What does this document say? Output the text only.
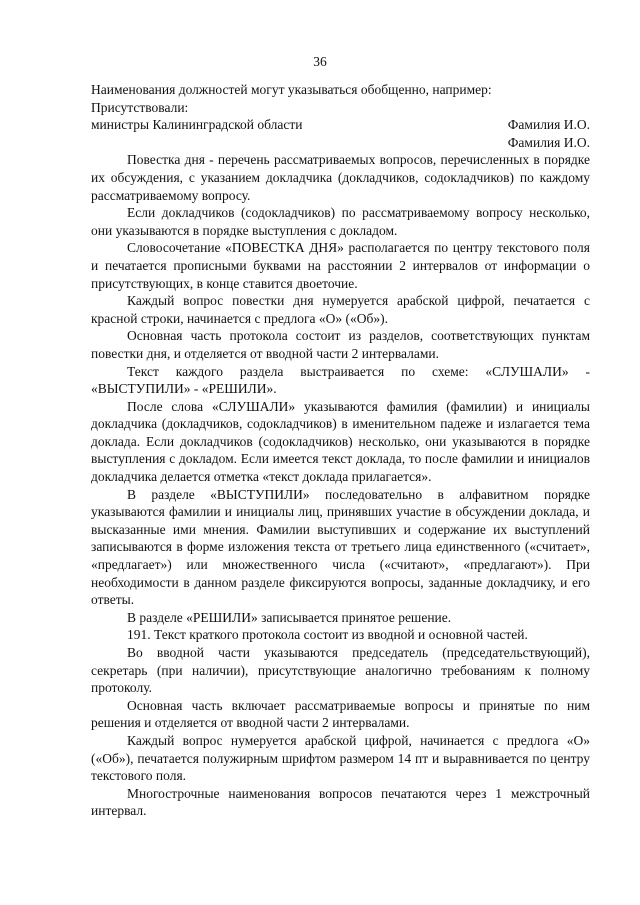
36

Наименования должностей могут указываться обобщенно, например:

Присутствовали:

министры Калининградской области	Фамилия И.О.

Фамилия И.О.

Повестка дня - перечень рассматриваемых вопросов, перечисленных в порядке их обсуждения, с указанием докладчика (докладчиков, содокладчиков) по каждому рассматриваемому вопросу.

Если докладчиков (содокладчиков) по рассматриваемому вопросу несколько, они указываются в порядке выступления с докладом.

Словосочетание «ПОВЕСТКА ДНЯ» располагается по центру текстового поля и печатается прописными буквами на расстоянии 2 интервалов от информации о присутствующих, в конце ставится двоеточие.

Каждый вопрос повестки дня нумеруется арабской цифрой, печатается с красной строки, начинается с предлога «О» («Об»).

Основная часть протокола состоит из разделов, соответствующих пунктам повестки дня, и отделяется от вводной части 2 интервалами.

Текст каждого раздела выстраивается по схеме: «СЛУШАЛИ» - «ВЫСТУПИЛИ» - «РЕШИЛИ».

После слова «СЛУШАЛИ» указываются фамилия (фамилии) и инициалы докладчика (докладчиков, содокладчиков) в именительном падеже и излагается тема доклада. Если докладчиков (содокладчиков) несколько, они указываются в порядке выступления с докладом. Если имеется текст доклада, то после фамилии и инициалов докладчика делается отметка «текст доклада прилагается».

В разделе «ВЫСТУПИЛИ» последовательно в алфавитном порядке указываются фамилии и инициалы лиц, принявших участие в обсуждении доклада, и высказанные ими мнения. Фамилии выступивших и содержание их выступлений записываются в форме изложения текста от третьего лица единственного («считает», «предлагает») или множественного числа («считают», «предлагают»). При необходимости в данном разделе фиксируются вопросы, заданные докладчику, и его ответы.

В разделе «РЕШИЛИ» записывается принятое решение.

191. Текст краткого протокола состоит из вводной и основной частей.

Во вводной части указываются председатель (председательствующий), секретарь (при наличии), присутствующие аналогично требованиям к полному протоколу.

Основная часть включает рассматриваемые вопросы и принятые по ним решения и отделяется от вводной части 2 интервалами.

Каждый вопрос нумеруется арабской цифрой, начинается с предлога «О» («Об»), печатается полужирным шрифтом размером 14 пт и выравнивается по центру текстового поля.

Многострочные наименования вопросов печатаются через 1 межстрочный интервал.
